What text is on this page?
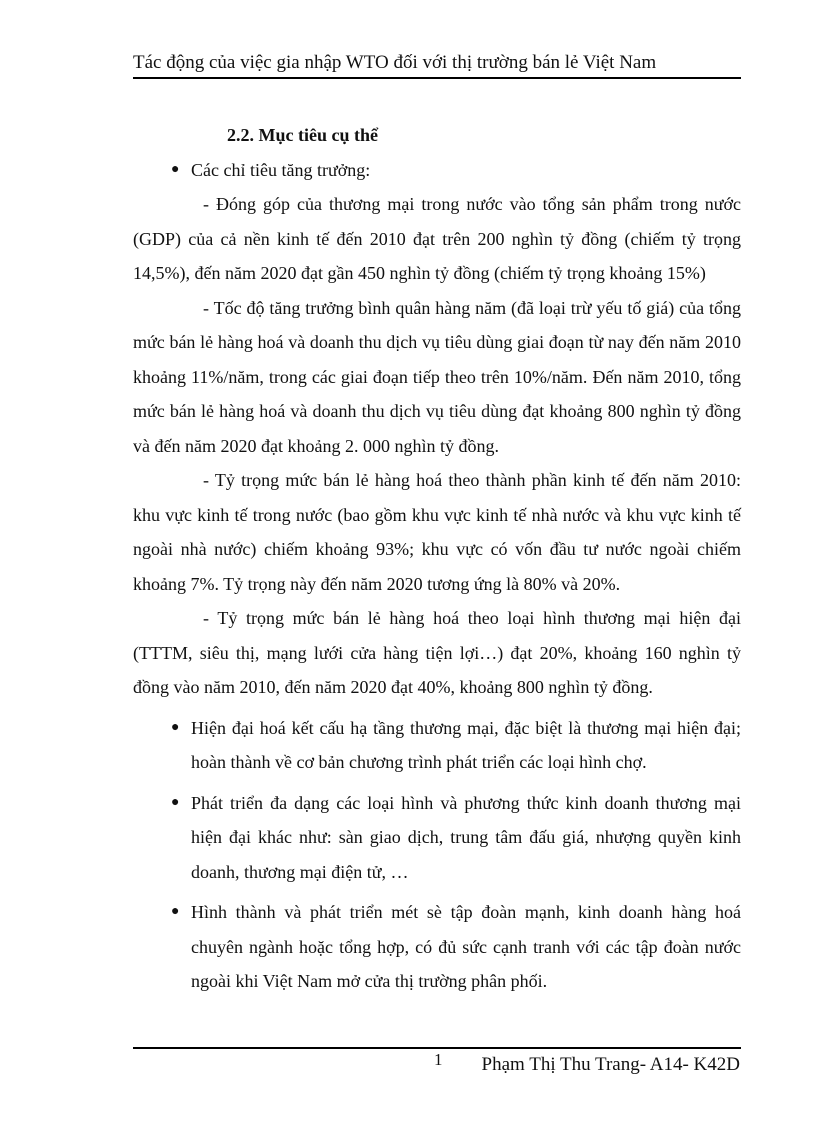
Tác động của việc gia nhập WTO đối với thị trường bán lẻ Việt Nam

2.2. Mục tiêu cụ thể

● Các chỉ tiêu tăng trưởng:

- Đóng góp của thương mại trong nước vào tổng sản phẩm trong nước (GDP) của cả nền kinh tế đến 2010 đạt trên 200 nghìn tỷ đồng (chiếm tỷ trọng 14,5%), đến năm 2020 đạt gần 450 nghìn tỷ đồng (chiếm tỷ trọng khoảng 15%)

- Tốc độ tăng trưởng bình quân hàng năm (đã loại trừ yếu tố giá) của tổng mức bán lẻ hàng hoá và doanh thu dịch vụ tiêu dùng giai đoạn từ nay đến năm 2010 khoảng 11%/năm, trong các giai đoạn tiếp theo trên 10%/năm. Đến năm 2010, tổng mức bán lẻ hàng hoá và doanh thu dịch vụ tiêu dùng đạt khoảng 800 nghìn tỷ đồng và đến năm 2020 đạt khoảng 2. 000 nghìn tỷ đồng.

- Tỷ trọng mức bán lẻ hàng hoá theo thành phần kinh tế đến năm 2010: khu vực kinh tế trong nước (bao gồm khu vực kinh tế nhà nước và khu vực kinh tế ngoài nhà nước) chiếm khoảng 93%; khu vực có vốn đầu tư nước ngoài chiếm khoảng 7%. Tỷ trọng này đến năm 2020 tương ứng là 80% và 20%.

- Tỷ trọng mức bán lẻ hàng hoá theo loại hình thương mại hiện đại (TTTM, siêu thị, mạng lưới cửa hàng tiện lợi…) đạt 20%, khoảng 160 nghìn tỷ đồng vào năm 2010, đến năm 2020 đạt 40%, khoảng 800 nghìn tỷ đồng.

● Hiện đại hoá kết cấu hạ tầng thương mại, đặc biệt là thương mại hiện đại; hoàn thành về cơ bản chương trình phát triển các loại hình chợ.

● Phát triển đa dạng các loại hình và phương thức kinh doanh thương mại hiện đại khác như: sàn giao dịch, trung tâm đấu giá, nhượng quyền kinh doanh, thương mại điện tử, …

● Hình thành và phát triển mét sè tập đoàn mạnh, kinh doanh hàng hoá chuyên ngành hoặc tổng hợp, có đủ sức cạnh tranh với các tập đoàn nước ngoài khi Việt Nam mở cửa thị trường phân phối.

1 Phạm Thị Thu Trang- A14- K42D
